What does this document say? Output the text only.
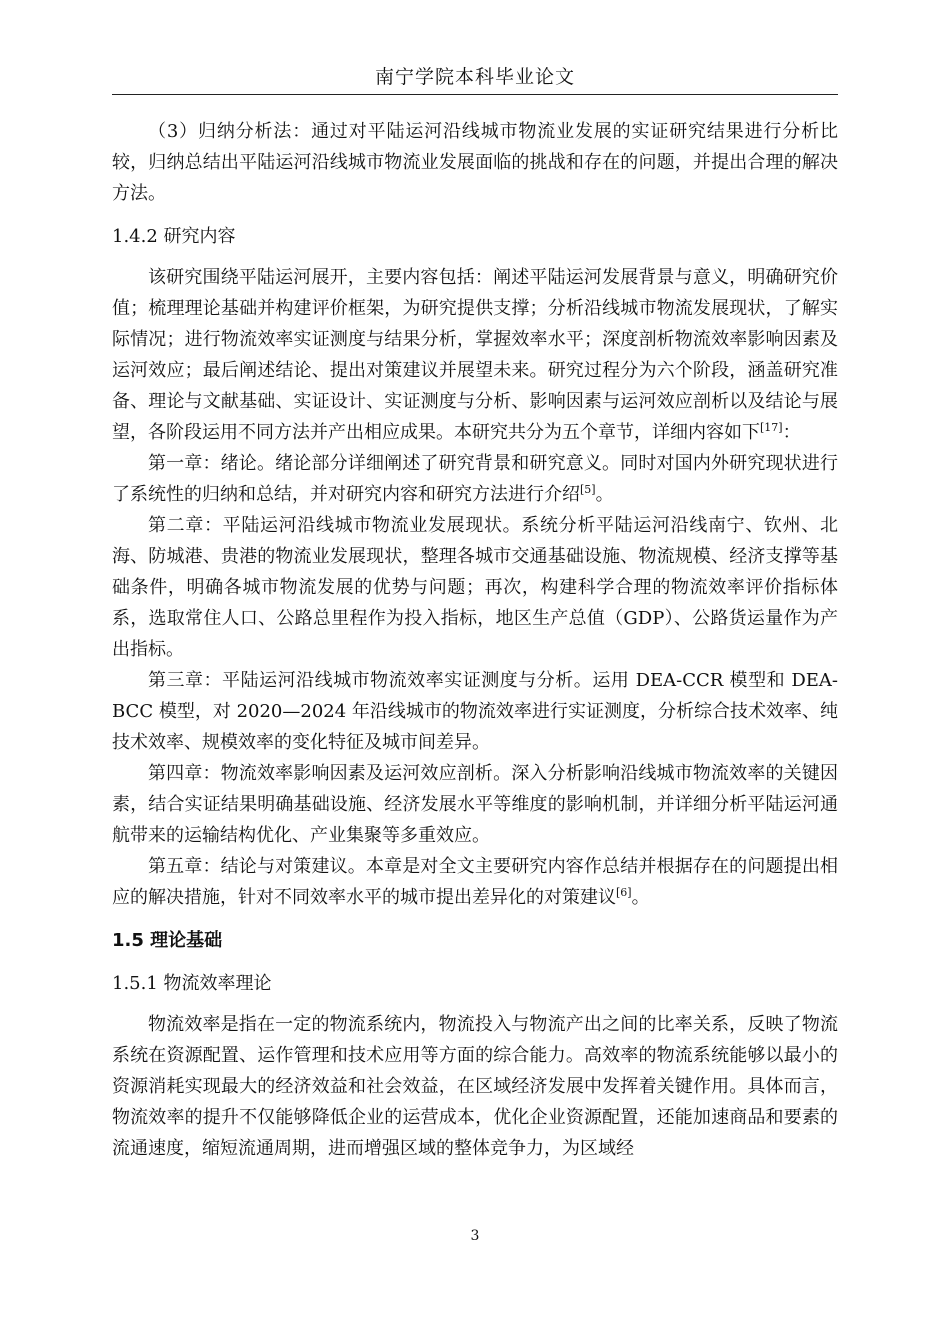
南宁学院本科毕业论文

（3）归纳分析法：通过对平陆运河沿线城市物流业发展的实证研究结果进行分析比较，归纳总结出平陆运河沿线城市物流业发展面临的挑战和存在的问题，并提出合理的解决方法。

1.4.2 研究内容

该研究围绕平陆运河展开，主要内容包括：阐述平陆运河发展背景与意义，明确研究价值；梳理理论基础并构建评价框架，为研究提供支撑；分析沿线城市物流发展现状，了解实际情况；进行物流效率实证测度与结果分析，掌握效率水平；深度剖析物流效率影响因素及运河效应；最后阐述结论、提出对策建议并展望未来。研究过程分为六个阶段，涵盖研究准备、理论与文献基础、实证设计、实证测度与分析、影响因素与运河效应剖析以及结论与展望，各阶段运用不同方法并产出相应成果。本研究共分为五个章节，详细内容如下[17]：

第一章：绪论。绪论部分详细阐述了研究背景和研究意义。同时对国内外研究现状进行了系统性的归纳和总结，并对研究内容和研究方法进行介绍[5]。

第二章：平陆运河沿线城市物流业发展现状。系统分析平陆运河沿线南宁、钦州、北海、防城港、贵港的物流业发展现状，整理各城市交通基础设施、物流规模、经济支撑等基础条件，明确各城市物流发展的优势与问题；再次，构建科学合理的物流效率评价指标体系，选取常住人口、公路总里程作为投入指标，地区生产总值（GDP）、公路货运量作为产出指标。

第三章：平陆运河沿线城市物流效率实证测度与分析。运用 DEA-CCR 模型和 DEA-BCC 模型，对 2020—2024 年沿线城市的物流效率进行实证测度，分析综合技术效率、纯技术效率、规模效率的变化特征及城市间差异。

第四章：物流效率影响因素及运河效应剖析。深入分析影响沿线城市物流效率的关键因素，结合实证结果明确基础设施、经济发展水平等维度的影响机制，并详细分析平陆运河通航带来的运输结构优化、产业集聚等多重效应。

第五章：结论与对策建议。本章是对全文主要研究内容作总结并根据存在的问题提出相应的解决措施，针对不同效率水平的城市提出差异化的对策建议[6]。

1.5 理论基础
1.5.1 物流效率理论

物流效率是指在一定的物流系统内，物流投入与物流产出之间的比率关系，反映了物流系统在资源配置、运作管理和技术应用等方面的综合能力。高效率的物流系统能够以最小的资源消耗实现最大的经济效益和社会效益，在区域经济发展中发挥着关键作用。具体而言，物流效率的提升不仅能够降低企业的运营成本，优化企业资源配置，还能加速商品和要素的流通速度，缩短流通周期，进而增强区域的整体竞争力，为区域经

3
